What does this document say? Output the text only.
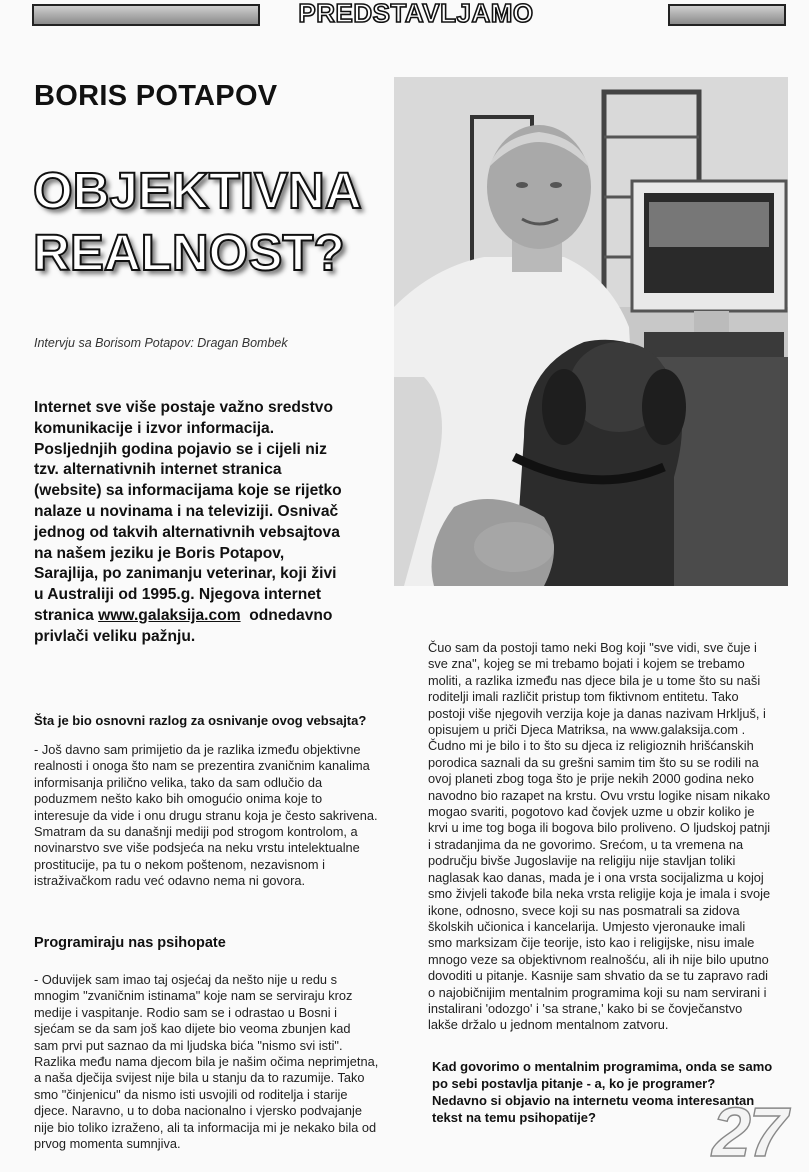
PREDSTAVLJAMO
BORIS POTAPOV
OBJEKTIVNA
REALNOST?
Intervju sa Borisom Potapov: Dragan Bombek
Internet sve više postaje važno sredstvo
komunikacije i izvor informacija.
Posljednjih godina pojavio se i cijeli niz
tzv. alternativnih internet stranica
(website) sa informacijama koje se rijetko
nalaze u novinama i na televiziji. Osnivač
jednog od takvih alternativnih vebsajtova
na našem jeziku je Boris Potapov,
Sarajlija, po zanimanju veterinar, koji živi
u Australiji od 1995.g. Njegova internet
stranica www.galaksija.com  odnedavno
privlači veliku pažnju.
Šta je bio osnovni razlog za osnivanje ovog vebsajta?
- Još davno sam primijetio da je razlika između objektivne
realnosti i onoga što nam se prezentira zvaničnim kanalima
informisanja prilično velika, tako da sam odlučio da
poduzmem nešto kako bih omogućio onima koje to
interesuje da vide i onu drugu stranu koja je često sakrivena.
Smatram da su današnji mediji pod strogom kontrolom, a
novinarstvo sve više podsjeća na neku vrstu intelektualne
prostitucije, pa tu o nekom poštenom, nezavisnom i
istraživačkom radu već odavno nema ni govora.
Programiraju nas psihopate
- Oduvijek sam imao taj osjećaj da nešto nije u redu s
mnogim "zvaničnim istinama" koje nam se serviraju kroz
medije i vaspitanje. Rodio sam se i odrastao u Bosni i
sjećam se da sam još kao dijete bio veoma zbunjen kad
sam prvi put saznao da mi ljudska bića "nismo svi isti".
Razlika među nama djecom bila je našim očima neprimjetna,
a naša dječija svijest nije bila u stanju da to razumije. Tako
smo "činjenicu" da nismo isti usvojili od roditelja i starije
djece. Naravno, u to doba nacionalno i vjersko podvajanje
nije bio toliko izraženo, ali ta informacija mi je nekako bila od
prvog momenta sumnjiva.
Čuo sam da postoji tamo neki Bog koji "sve vidi, sve čuje i
sve zna", kojeg se mi trebamo bojati i kojem se trebamo
moliti, a razlika između nas djece bila je u tome što su naši
roditelji imali različit pristup tom fiktivnom entitetu. Tako
postoji više njegovih verzija koje ja danas nazivam Hrkljuš, i
opisujem u priči Djeca Matriksa, na www.galaksija.com .
Čudno mi je bilo i to što su djeca iz religioznih hrišćanskih
porodica saznali da su grešni samim tim što su se rodili na
ovoj planeti zbog toga što je prije nekih 2000 godina neko
navodno bio razapet na krstu. Ovu vrstu logike nisam nikako
mogao svariti, pogotovo kad čovjek uzme u obzir koliko je
krvi u ime tog boga ili bogova bilo proliveno. O ljudskoj patnji
i stradanjima da ne govorimo. Srećom, u ta vremena na
području bivše Jugoslavije na religiju nije stavljan toliki
naglasak kao danas, mada je i ona vrsta socijalizma u kojoj
smo živjeli takođe bila neka vrsta religije koja je imala i svoje
ikone, odnosno, svece koji su nas posmatrali sa zidova
školskih učionica i kancelarija. Umjesto vjeronauke imali
smo marksizam čije teorije, isto kao i religijske, nisu imale
mnogo veze sa objektivnom realnošću, ali ih nije bilo uputno
dovoditi u pitanje. Kasnije sam shvatio da se tu zapravo radi
o najobičnijim mentalnim programima koji su nam servirani i
instalirani 'odozgo' i 'sa strane,' kako bi se čovječanstvo
lakše držalo u jednom mentalnom zatvoru.
Kad govorimo o mentalnim programima, onda se samo
po sebi postavlja pitanje - a, ko je programer?
Nedavno si objavio na internetu veoma interesantan
tekst na temu psihopatije?	27
